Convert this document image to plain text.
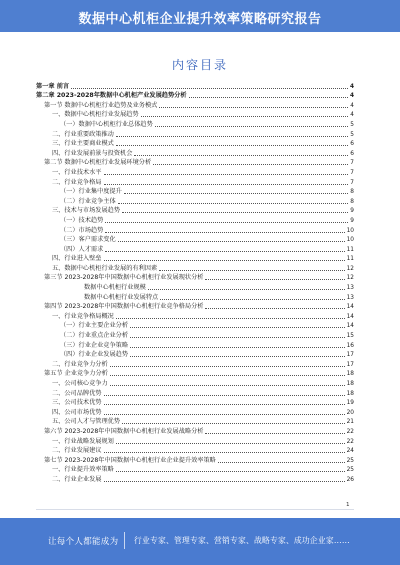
数据中心机柜企业提升效率策略研究报告
内容目录
第一章 前言	4
第二章 2023-2028年数据中心机柜产业发展趋势分析	4
第一节 数据中心机柜行业趋势及业务模式	4
一、数据中心机柜行业发展趋势	4
（一）数据中心机柜行业总体趋势	5
二、行业重要政策推动	5
三、行业主要商业模式	6
四、行业发展前景与投资机会	6
第二节 数据中心机柜行业发展环境分析	7
一、行业技术水平	7
二、行业竞争格局	7
（一）行业集中度提升	8
（二）行业竞争主体	8
三、技术与市场发展趋势	9
（一）技术趋势	9
（二）市场趋势	10
（三）客户需求变化	10
（四）人才需求	11
四、行业进入壁垒	11
五、数据中心机柜行业发展的有利因素	12
第三节 2023-2028年中国数据中心机柜行业发展现状分析	12
数据中心机柜行业规模	13
数据中心机柜行业发展特点	13
第四节 2023-2028年中国数据中心机柜行业竞争格局分析	14
一、行业竞争格局概况	14
（一）行业主要企业分析	14
（二）行业重点企业分析	15
（三）行业企业竞争策略	16
（四）行业企业发展趋势	17
二、行业竞争力分析	17
第五节 企业竞争力分析	18
一、公司核心竞争力	18
二、公司品牌优势	18
三、公司技术优势	19
四、公司市场优势	20
五、公司人才与管理优势	21
第六节 2023-2028年中国数据中心机柜行业发展战略分析	22
一、行业战略发展规划	22
二、行业发展建议	24
第七节 2023-2028年中国数据中心机柜行业企业提升效率策略	25
一、行业提升效率策略	25
二、行业企业发展	26
让每个人都能成为 行业专家、管理专家、营销专家、战略专家、成功企业家……
1
